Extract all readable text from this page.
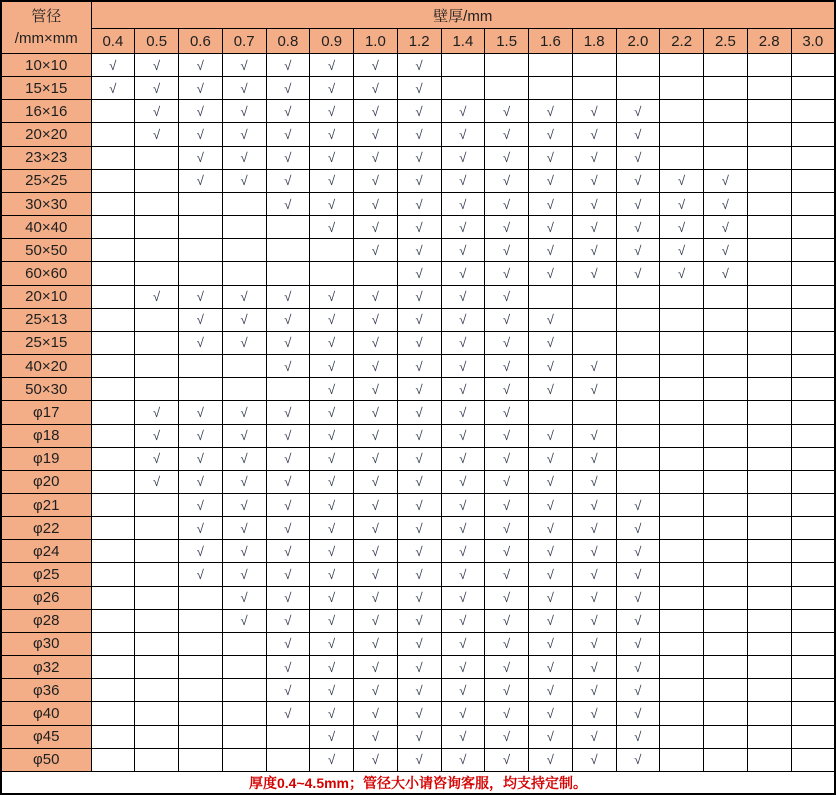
管径
/mm×mm	壁厚/mm																
	0.4	0.5	0.6	0.7	0.8	0.9	1.0	1.2	1.4	1.5	1.6	1.8	2.0	2.2	2.5	2.8	3.0
10×10	√	√	√	√	√	√	√	√									
15×15	√	√	√	√	√	√	√	√									
16×16		√	√	√	√	√	√	√	√	√	√	√	√				
20×20		√	√	√	√	√	√	√	√	√	√	√	√				
23×23			√	√	√	√	√	√	√	√	√	√	√				
25×25			√	√	√	√	√	√	√	√	√	√	√	√	√		
30×30					√	√	√	√	√	√	√	√	√	√	√		
40×40						√	√	√	√	√	√	√	√	√	√		
50×50							√	√	√	√	√	√	√	√	√		
60×60								√	√	√	√	√	√	√	√		
20×10		√	√	√	√	√	√	√	√	√							
25×13			√	√	√	√	√	√	√	√	√						
25×15			√	√	√	√	√	√	√	√	√						
40×20					√	√	√	√	√	√	√	√					
50×30						√	√	√	√	√	√	√					
φ17		√	√	√	√	√	√	√	√	√							
φ18		√	√	√	√	√	√	√	√	√	√	√					
φ19		√	√	√	√	√	√	√	√	√	√	√					
φ20		√	√	√	√	√	√	√	√	√	√	√					
φ21			√	√	√	√	√	√	√	√	√	√	√				
φ22			√	√	√	√	√	√	√	√	√	√	√				
φ24			√	√	√	√	√	√	√	√	√	√	√				
φ25			√	√	√	√	√	√	√	√	√	√	√				
φ26				√	√	√	√	√	√	√	√	√	√				
φ28				√	√	√	√	√	√	√	√	√	√				
φ30					√	√	√	√	√	√	√	√	√				
φ32					√	√	√	√	√	√	√	√	√				
φ36					√	√	√	√	√	√	√	√	√				
φ40					√	√	√	√	√	√	√	√	√				
φ45						√	√	√	√	√	√	√	√				
φ50						√	√	√	√	√	√	√	√				
厚度0.4~4.5mm；管径大小请咨询客服，均支持定制。																	
